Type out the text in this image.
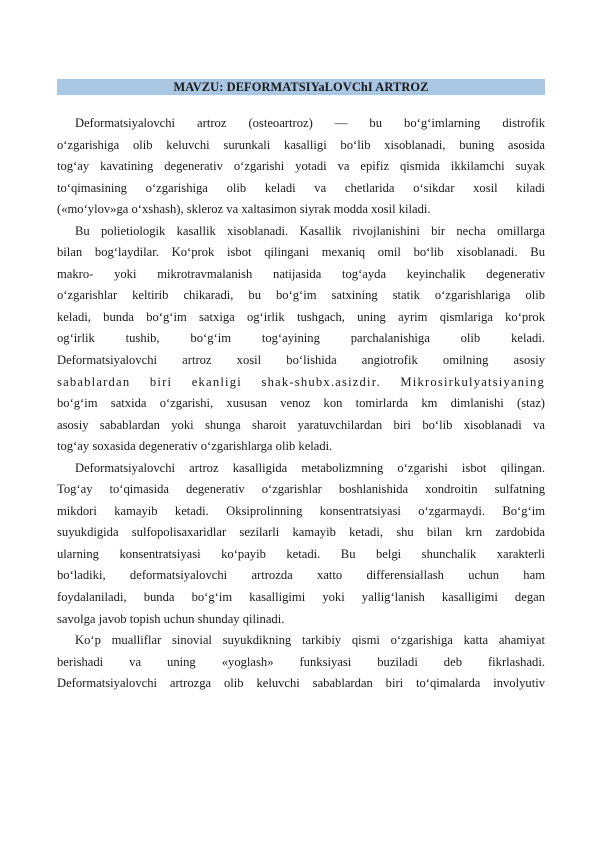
MAVZU: DEFORMATSIYaLOVChI ARTROZ
Deformatsiyalovchi artroz (osteoartroz) — bu bo‘g‘imlarning distrofik
o‘zgarishiga olib keluvchi surunkali kasalligi bo‘lib xisoblanadi, buning asosida
tog‘ay kavatining degenerativ o‘zgarishi yotadi va epifiz qismida ikkilamchi suyak
to‘qimasining o‘zgarishiga olib keladi va chetlarida o‘sikdar xosil kiladi
(«mo‘ylov»ga o‘xshash), skleroz va xaltasimon siyrak modda xosil kiladi.
Bu polietiologik kasallik xisoblanadi. Kasallik rivojlanishini bir necha omillarga
bilan bog‘laydilar. Ko‘prok isbot qilingani mexaniq omil bo‘lib xisoblanadi. Bu
makro- yoki mikrotravmalanish natijasida tog‘ayda keyinchalik degenerativ
o‘zgarishlar keltirib chikaradi, bu bo‘g‘im satxining statik o‘zgarishlariga olib
keladi, bunda bo‘g‘im satxiga og‘irlik tushgach, uning ayrim qismlariga ko‘prok
og‘irlik tushib, bo‘g‘im tog‘ayining parchalanishiga olib keladi.
Deformatsiyalovchi artroz xosil bo‘lishida angiotrofik omilning asosiy
sabablardan biri ekanligi shak-shubx.asizdir. Mikrosirkulyatsiyaning
bo‘g‘im satxida o‘zgarishi, xususan venoz kon tomirlarda km dimlanishi (staz)
asosiy sabablardan yoki shunga sharoit yaratuvchilardan biri bo‘lib xisoblanadi va
tog‘ay soxasida degenerativ o‘zgarishlarga olib keladi.
Deformatsiyalovchi artroz kasalligida metabolizmning o‘zgarishi isbot qilingan.
Tog‘ay to‘qimasida degenerativ o‘zgarishlar boshlanishida xondroitin sulfatning
mikdori kamayib ketadi. Oksiprolinning konsentratsiyasi o‘zgarmaydi. Bo‘g‘im
suyukdigida sulfopolisaxaridlar sezilarli kamayib ketadi, shu bilan krn zardobida
ularning konsentratsiyasi ko‘payib ketadi. Bu belgi shunchalik xarakterli
bo‘ladiki, deformatsiyalovchi artrozda xatto differensiallash uchun ham
foydalaniladi, bunda bo‘g‘im kasalligimi yoki yallig‘lanish kasalligimi degan
savolga javob topish uchun shunday qilinadi.
Ko‘p mualliflar sinovial suyukdikning tarkibiy qismi o‘zgarishiga katta ahamiyat
berishadi va uning «yoglash» funksiyasi buziladi deb fikrlashadi.
Deformatsiyalovchi artrozga olib keluvchi sabablardan biri to‘qimalarda involyutiv
